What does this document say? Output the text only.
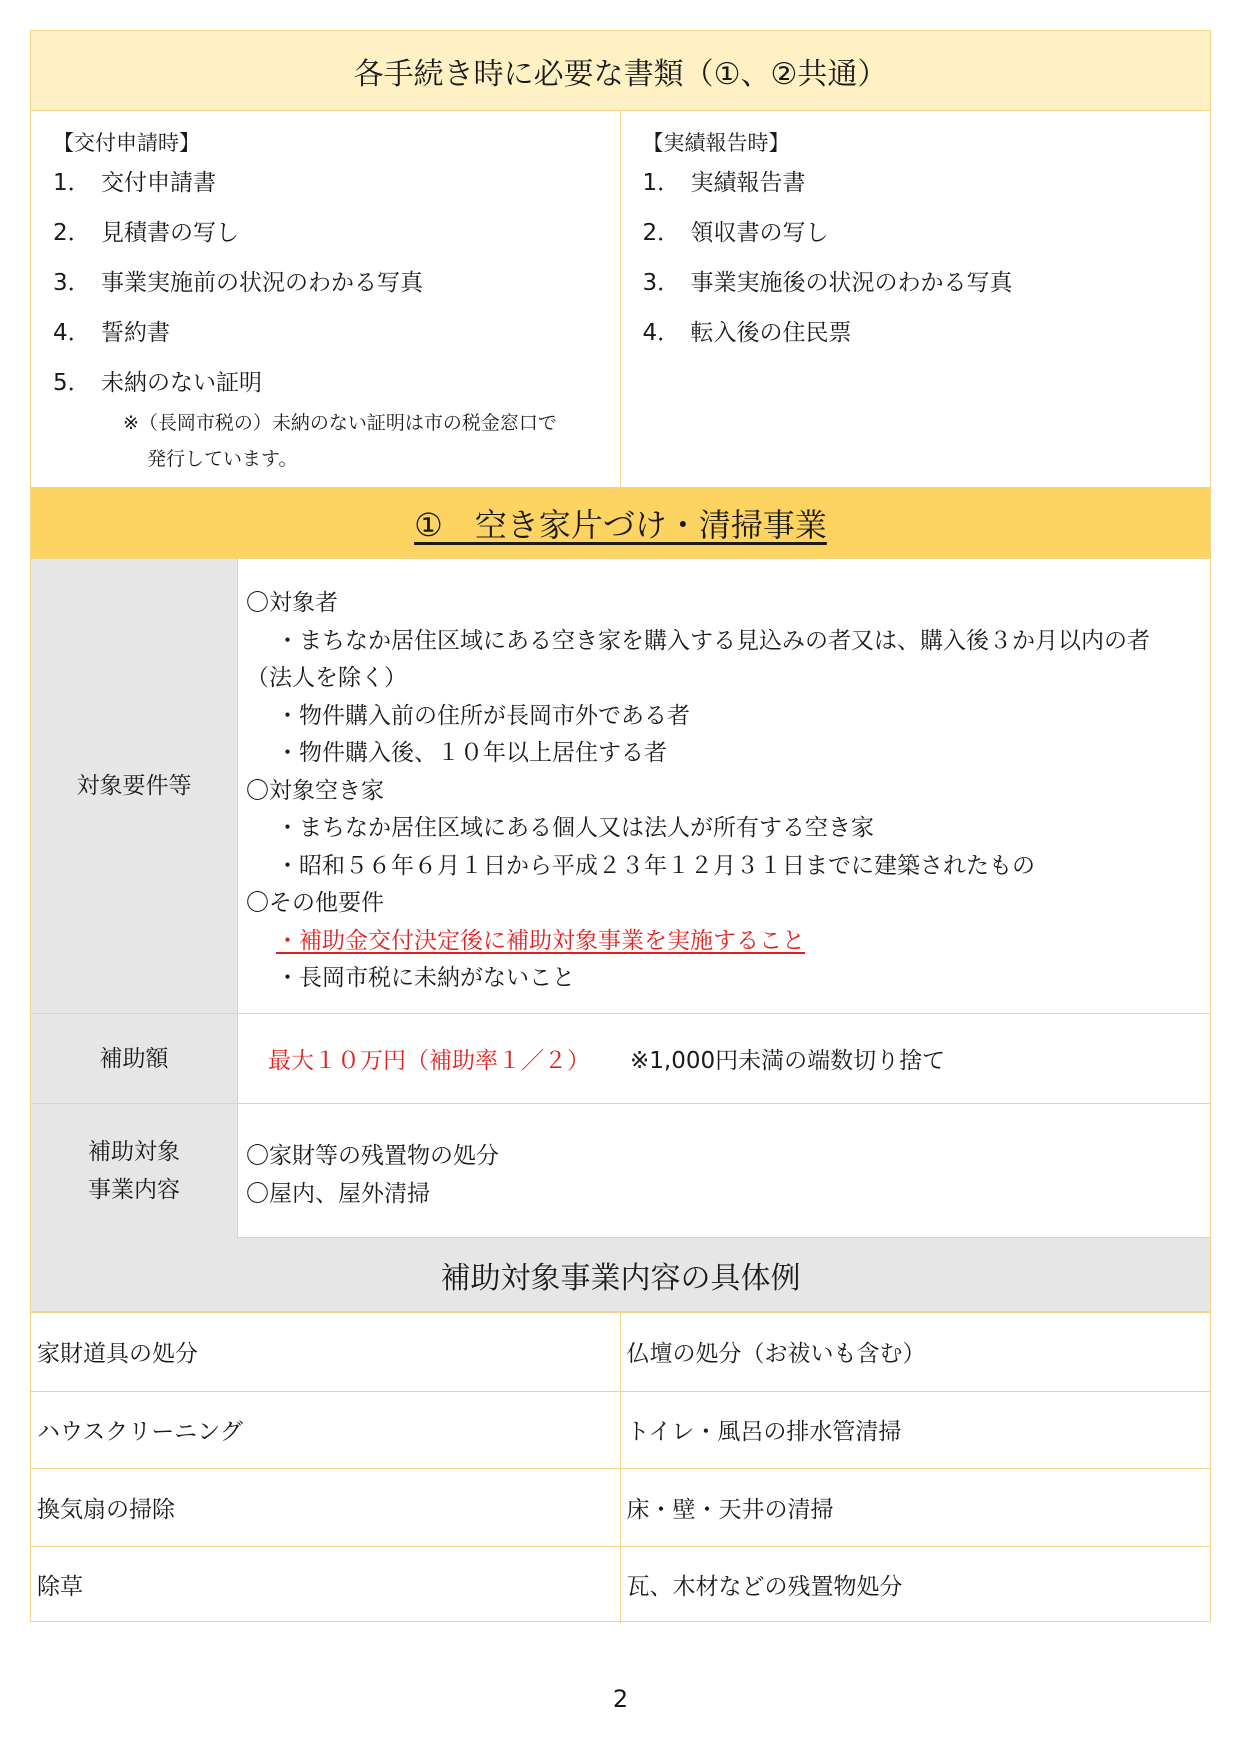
各手続き時に必要な書類（①、②共通）
【交付申請時】
1． 交付申請書
2． 見積書の写し
3． 事業実施前の状況のわかる写真
4． 誓約書
5． 未納のない証明
※（長岡市税の）未納のない証明は市の税金窓口で
発行しています。
【実績報告時】
1． 実績報告書
2． 領収書の写し
3． 事業実施後の状況のわかる写真
4． 転入後の住民票
①　空き家片づけ・清掃事業
対象要件等
〇対象者
・まちなか居住区域にある空き家を購入する見込みの者又は、購入後３か月以内の者
（法人を除く）
・物件購入前の住所が長岡市外である者
・物件購入後、１０年以上居住する者
〇対象空き家
・まちなか居住区域にある個人又は法人が所有する空き家
・昭和５６年６月１日から平成２３年１２月３１日までに建築されたもの
〇その他要件
・補助金交付決定後に補助対象事業を実施すること
・長岡市税に未納がないこと
補助額	最大１０万円（補助率１／２） ※1,000円未満の端数切り捨て
補助対象
事業内容
〇家財等の残置物の処分
〇屋内、屋外清掃
補助対象事業内容の具体例
家財道具の処分	仏壇の処分（お祓いも含む）
ハウスクリーニング	トイレ・風呂の排水管清掃
換気扇の掃除	床・壁・天井の清掃
除草	瓦、木材などの残置物処分
2
